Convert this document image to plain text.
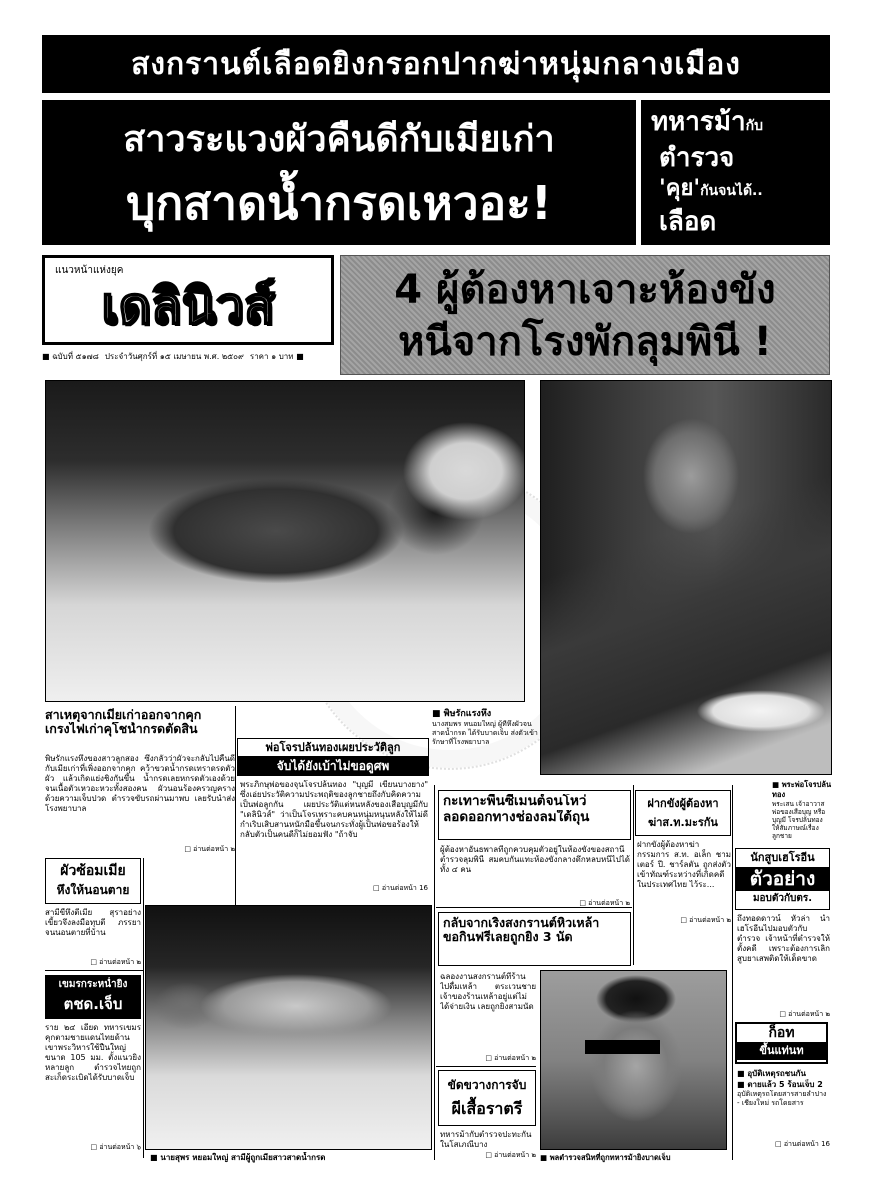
สงกรานต์เลือดยิงกรอกปากฆ่าหนุ่มกลางเมือง
สาวระแวงผัวคืนดีกับเมียเก่า
บุกสาดน้ำกรดเหวอะ!
ทหารม้ากับ
ตำรวจ
'คุย'กันจนได้..
เลือด
แนวหน้าแห่งยุค
เดลินิวส์
■ ฉบับที่ ๕๑๗๘ ประจำวันศุกร์ที่ ๑๕ เมษายน พ.ศ. ๒๕๐๙ ราคา ๑ บาท ■
4 ผู้ต้องหาเจาะห้องขัง
หนีจากโรงพักลุมพินี !
สาเหตุจากเมียเก่าออกจากคุก
เกรงไฟเก่าคุโชน้ำกรดตัดสิน
พิษรักแรงหึงของสาวลูกสอง ซึ่งกลัวว่าผัวจะกลับไปคืนดีกับเมียเก่าที่เพิ่งออกจากคุก คว้าขวดน้ำกรดเทราดรดตัวผัว แล้วเกิดแย่งชิงกันขึ้น น้ำกรดเลยหกรดตัวเองด้วย จนเนื้อตัวเหวอะหวะทั้งสองคน ผัวนอนร้องครวญครางด้วยความเจ็บปวด ตำรวจขับรถผ่านมาพบ เลยรับนำส่งโรงพยาบาล
□ อ่านต่อหน้า ๒
ผัวซ้อมเมีย
หึงให้นอนตาย
สามีขี้หึงตีเมีย สุราอย่างเขี้ยวจึงลงมือทุบตี ภรรยาจนนอนตายที่บ้าน
□ อ่านต่อหน้า ๒
เขมรกระหน่ำยิง
ตชด.เจ็บ
ราย ๒๔ เอียด ทหารเขมรคุกตามชายแดนไทยด้านเขาพระวิหารใช้ปืนใหญ่ขนาด 105 มม. ตั้งแนวยิงหลายลูก ตำรวจไทยถูกสะเก็ดระเบิดได้รับบาดเจ็บ
□ อ่านต่อหน้า ๖
พ่อโจรปล้นทองเผยประวัติลูก
จับได้ยังเบ้าไม่ขอดูศพ
พระภิกษุพ่อของจุนโจรปล้นทอง "บุญมี เขียนบางยาง" ซึ่งเอ่ยประวัติความประพฤติของลูกชายถึงกับคิดความเป็นพ่อลูกกัน เผยประวัติแต่หนหลังของเสือบุญมีกับ "เดลินิวส์" ว่าเป็นโจรเพราะคบคนหนุ่มหนุนหลังให้ไม่ดี กำเริบเสิบสานหนักมือขึ้นจนกระทั่งผู้เป็นพ่อขอร้องให้กลับตัวเป็นคนดีก็ไม่ยอมฟัง "ถ้าจับ
□ อ่านต่อหน้า 16
■ พิษรักแรงหึง
นางสมพร หนอมใหญ่ ผู้ที่หึงผัวจนสาดน้ำกรด ได้รับบาดเจ็บ ส่งตัวเข้ารักษาที่โรงพยาบาล
■ พระพ่อโจรปล้นทอง
พระเสน เจ้าอาวาส พ่อของเสือบุญ หรือบุญมี โจรปล้นทอง ให้สัมภาษณ์เรื่องลูกชาย
กะเทาะพื้นซีเมนต์จนโหว่
ลอดออกทางช่องลมใต้ถุน
ผู้ต้องหาอันธพาลที่ถูกควบคุมตัวอยู่ในห้องขังของสถานีตำรวจลุมพินี สมคบกันแทะห้องขังกลางดึกหลบหนีไปได้ทั้ง ๔ คน
□ อ่านต่อหน้า ๒
ฝากขังผู้ต้องหา
ฆ่าส.ท.มะรกัน
ฝากขังผู้ต้องหาฆ่ากรรมการ ส.ท. อเล็ก ชามเตอร์ ปี. ชาร์ลตัน ถูกส่งตัวเข้าทัณฑ์ระหว่างที่เกิดคดีในประเทศไทย ไว้ระ...
□ อ่านต่อหน้า ๒
นักสูบเฮโรอีน
ตัวอย่าง
มอบตัวกับตร.
ถึงทอดดาวน์ หัวล่า นำเฮโรอีนไปมอบตัวกับตำรวจ เจ้าหน้าที่ตำรวจให้ตั้งคดี เพราะต้องการเลิกสูบยาเสพติดให้เด็ดขาด
□ อ่านต่อหน้า ๒
กลับจากเริงสงกรานต์หิวเหล้า
ขอกินฟรีเลยถูกยิง 3 นัด
ฉลองงานสงกรานต์ที่ร้าน ไปดื่มเหล้า ตระเวนชาย เจ้าของร้านเหล้าอยู่แต่ไม่ได้จ่ายเงิน เลยถูกยิงสามนัด
□ อ่านต่อหน้า ๒
ขัดขวางการจับ
ผีเสื้อราตรี
ทหารม้ากับตำรวจปะทะกันในโสเภณีบาง
□ อ่านต่อหน้า ๒
ก็อท
ขึ้นแท่นท
■ อุบัติเหตุรถชนกัน
■ ตายแล้ว 5 ร้อนเจ็บ 2
อุบัติเหตุรถโดยสารสายลำปาง - เชียงใหม่ รถโดยสาร
□ อ่านต่อหน้า 16
■ นายสุพร หยอมใหญ่ สามีผู้ถูกเมียสาวสาดน้ำกรด	■ พลตำรวจสนิทที่ถูกทหารม้ายิงบาดเจ็บ
